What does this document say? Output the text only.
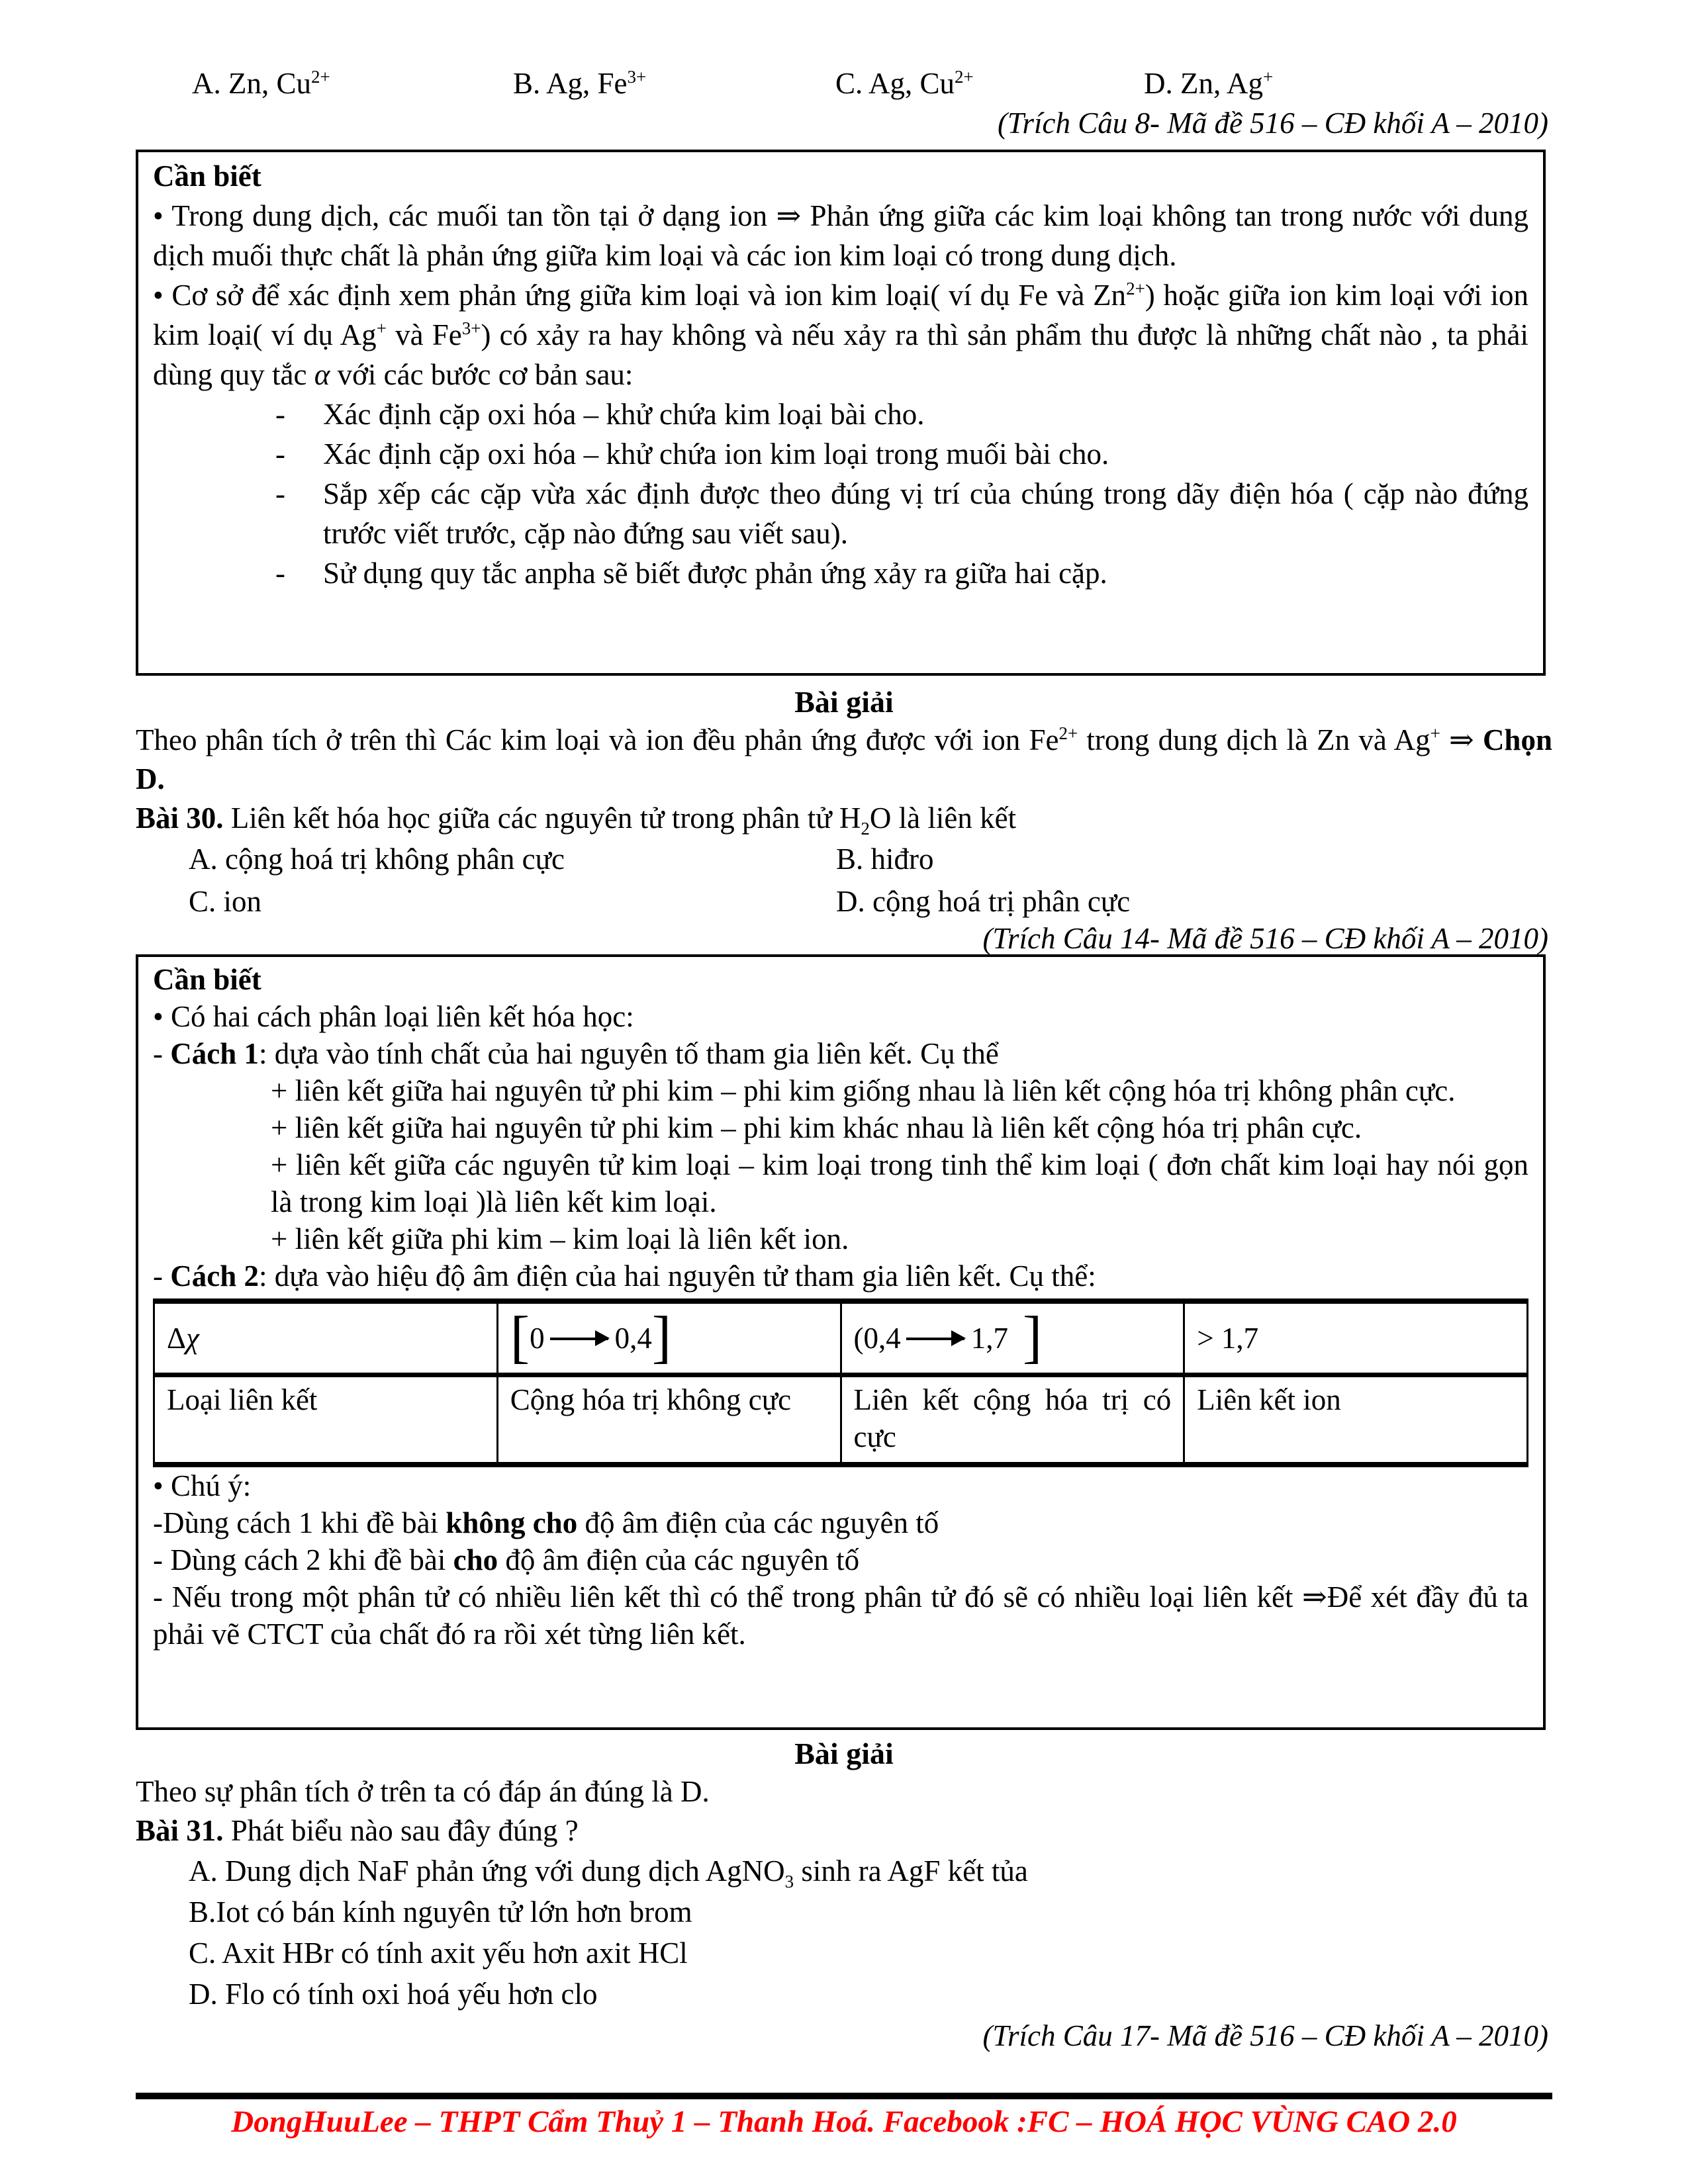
A. Zn, $Cu^{2+}$	B. Ag, $Fe^{3+}$	C. Ag, $Cu^{2+}$	D. Zn, Ag+
(Trích Câu 8- Mã đề 516 – CĐ khối A – 2010)
Cần biết

• Trong dung dịch, các muối tan tồn tại ở dạng ion ⇒ Phản ứng giữa các kim loại không tan trong nước với dung dịch muối thực chất là phản ứng giữa kim loại và các ion kim loại có trong dung dịch.

• Cơ sở để xác định xem phản ứng giữa kim loại và ion kim loại( ví dụ Fe và $Zn^{2+}$) hoặc giữa ion kim loại với ion kim loại( ví dụ Ag+ và $Fe^{3+}$) có xảy ra hay không và nếu xảy ra thì sản phẩm thu được là những chất nào , ta phải dùng quy tắc α với các bước cơ bản sau:

-	Xác định cặp oxi hóa – khử chứa kim loại bài cho.
-	Xác định cặp oxi hóa – khử chứa ion kim loại trong muối bài cho.
-	Sắp xếp các cặp vừa xác định được theo đúng vị trí của chúng trong dãy điện hóa ( cặp nào đứng trước viết trước, cặp nào đứng sau viết sau).
-	Sử dụng quy tắc anpha sẽ biết được phản ứng xảy ra giữa hai cặp.
Bài giải

Theo phân tích ở trên thì Các kim loại và ion đều phản ứng được với ion $Fe^{2+}$ trong dung dịch là Zn và Ag+ ⇒ Chọn D.

Bài 30. Liên kết hóa học giữa các nguyên tử trong phân tử $H_2O$ là liên kết

A. cộng hoá trị không phân cực	B. hiđro
C. ion	D. cộng hoá trị phân cực
(Trích Câu 14- Mã đề 516 – CĐ khối A – 2010)
Cần biết

• Có hai cách phân loại liên kết hóa học:

- Cách 1: dựa vào tính chất của hai nguyên tố tham gia liên kết. Cụ thể

+ liên kết giữa hai nguyên tử phi kim – phi kim giống nhau là liên kết cộng hóa trị không phân cực.

+ liên kết giữa hai nguyên tử phi kim – phi kim khác nhau là liên kết cộng hóa trị phân cực.

+ liên kết giữa các nguyên tử kim loại – kim loại trong tinh thể kim loại ( đơn chất kim loại hay nói gọn là trong kim loại )là liên kết kim loại.

+ liên kết giữa phi kim – kim loại là liên kết ion.

- Cách 2: dựa vào hiệu độ âm điện của hai nguyên tử tham gia liên kết. Cụ thể:

Δχ	[0 0,4]	(0,4 1,7 ]	> 1,7
Loại liên kết	Cộng hóa trị không cực	Liên kết cộng hóa trị có cực	Liên kết ion

• Chú ý:

-Dùng cách 1 khi đề bài không cho độ âm điện của các nguyên tố

- Dùng cách 2 khi đề bài cho độ âm điện của các nguyên tố

- Nếu trong một phân tử có nhiều liên kết thì có thể trong phân tử đó sẽ có nhiều loại liên kết ⇒Để xét đầy đủ ta phải vẽ CTCT của chất đó ra rồi xét từng liên kết.

Bài giải

Theo sự phân tích ở trên ta có đáp án đúng là D.

Bài 31. Phát biểu nào sau đây đúng ?

A. Dung dịch NaF phản ứng với dung dịch AgNO$_3$ sinh ra AgF kết tủa
B.Iot có bán kính nguyên tử lớn hơn brom
C. Axit HBr có tính axit yếu hơn axit HCl
D. Flo có tính oxi hoá yếu hơn clo
(Trích Câu 17- Mã đề 516 – CĐ khối A – 2010)
DongHuuLee – THPT Cẩm Thuỷ 1 – Thanh Hoá. Facebook :FC – HOÁ HỌC VÙNG CAO 2.0
